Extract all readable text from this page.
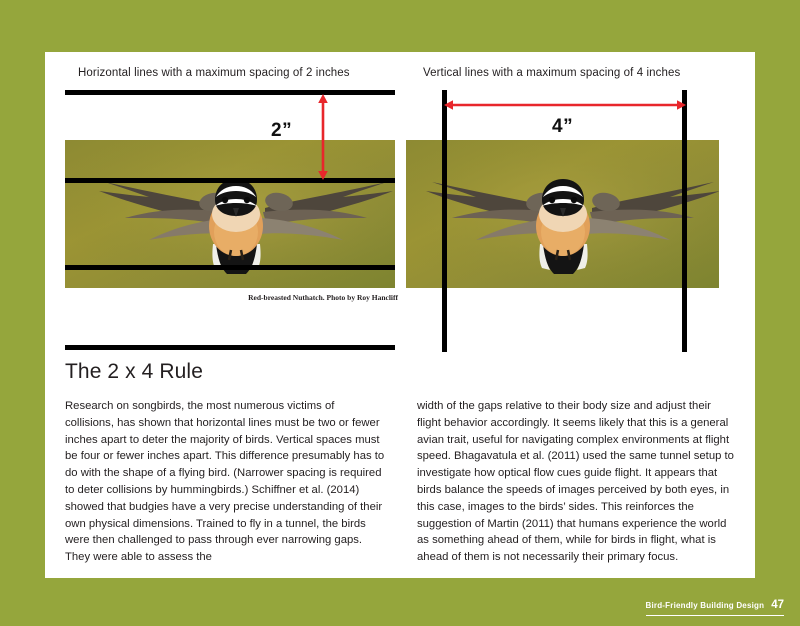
Horizontal lines with a maximum spacing of 2 inches
2”
Red-breasted Nuthatch. Photo by Roy Hancliff
Vertical lines with a maximum spacing of 4 inches
4”
The 2 x 4 Rule

Research on songbirds, the most numerous victims of collisions, has shown that horizontal lines must be two or fewer inches apart to deter the majority of birds. Vertical spaces must be four or fewer inches apart. This difference presumably has to do with the shape of a flying bird. (Narrower spacing is required to deter collisions by hummingbirds.) Schiffner et al. (2014) showed that budgies have a very precise understanding of their own physical dimensions. Trained to fly in a tunnel, the birds were then challenged to pass through ever narrowing gaps. They were able to assess the

width of the gaps relative to their body size and adjust their flight behavior accordingly. It seems likely that this is a general avian trait, useful for navigating complex environments at flight speed. Bhagavatula et al. (2011) used the same tunnel setup to investigate how optical flow cues guide flight. It appears that birds balance the speeds of images perceived by both eyes, in this case, images to the birds’ sides. This reinforces the suggestion of Martin (2011) that humans experience the world as something ahead of them, while for birds in flight, what is ahead of them is not necessarily their primary focus.

Bird-Friendly Building Design 47
